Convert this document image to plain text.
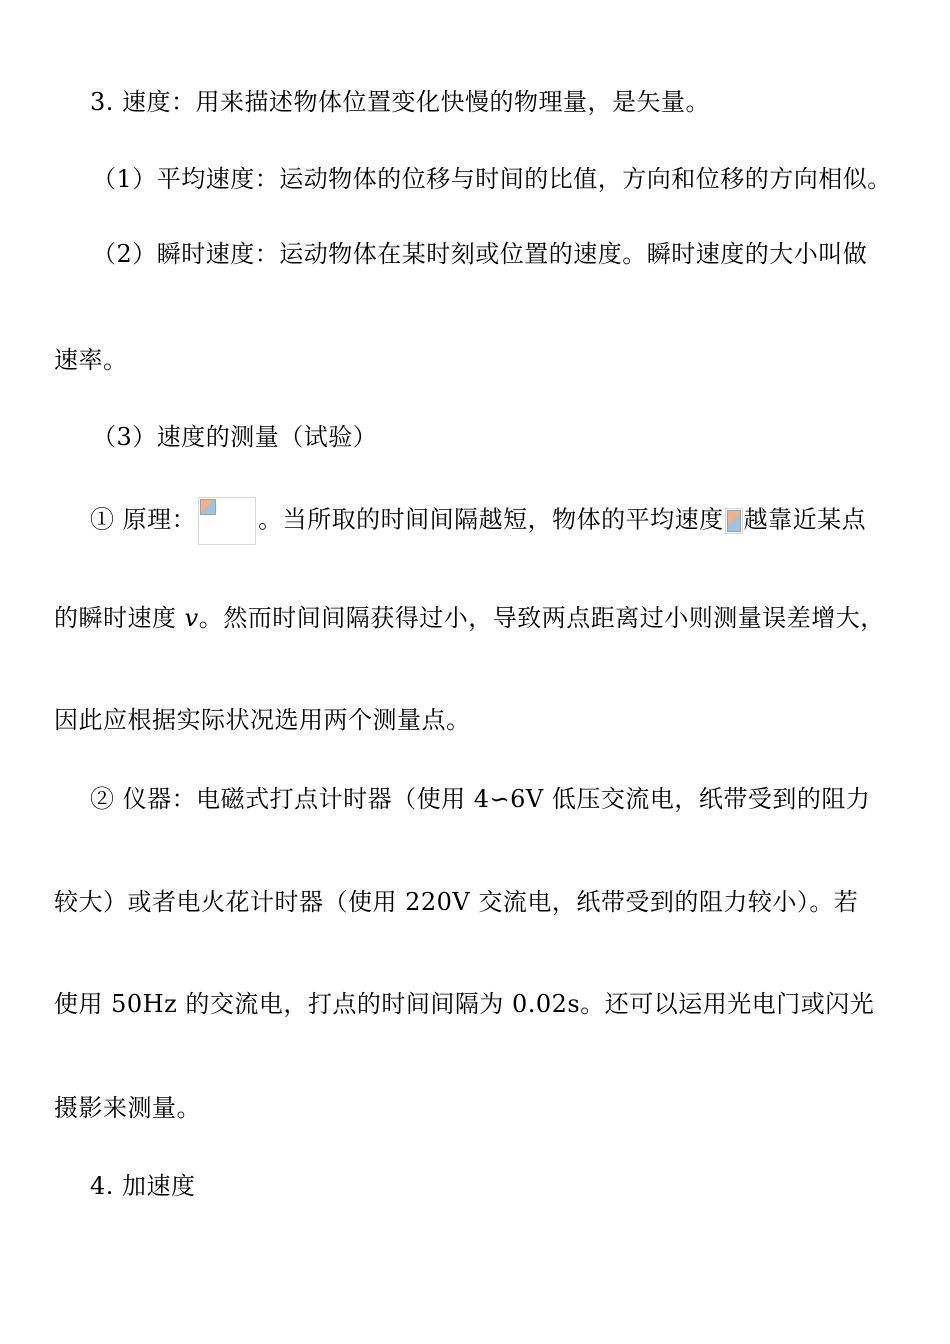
3. 速度：用来描述物体位置变化快慢的物理量，是矢量。
（1）平均速度：运动物体的位移与时间的比值，方向和位移的方向相似。
（2）瞬时速度：运动物体在某时刻或位置的速度。瞬时速度的大小叫做
速率。
（3）速度的测量（试验）
① 原理：	。当所取的时间间隔越短，物体的平均速度 越靠近某点
的瞬时速度 v。然而时间间隔获得过小，导致两点距离过小则测量误差增大，
因此应根据实际状况选用两个测量点。
② 仪器：电磁式打点计时器（使用 4∽6V 低压交流电，纸带受到的阻力
较大）或者电火花计时器（使用 220V 交流电，纸带受到的阻力较小）。若
使用 50Hz 的交流电，打点的时间间隔为 0.02s。还可以运用光电门或闪光
摄影来测量。
4. 加速度
